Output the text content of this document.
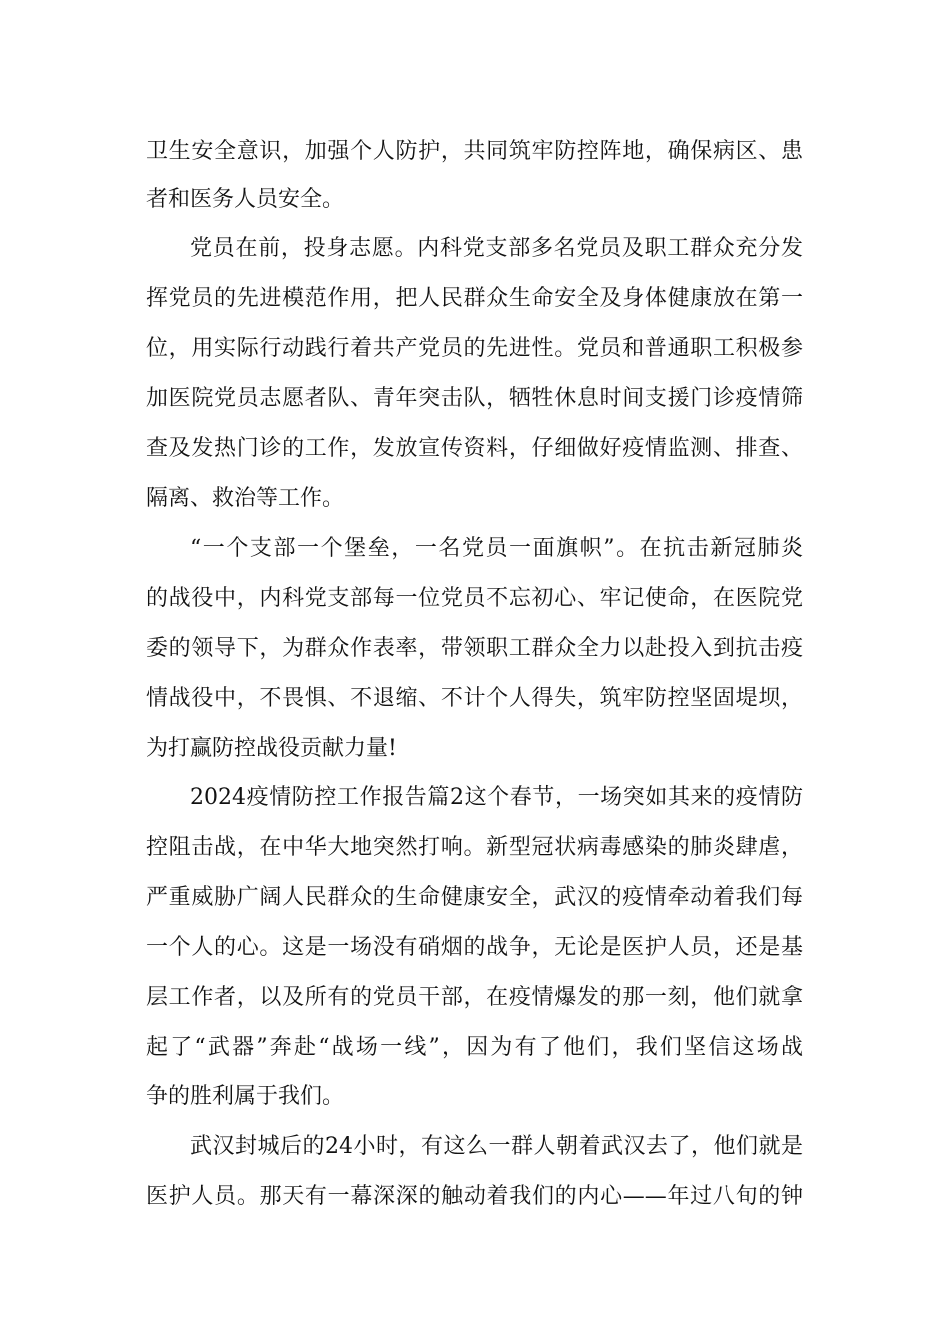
卫生安全意识，加强个人防护，共同筑牢防控阵地，确保病区、患
者和医务人员安全。
党员在前，投身志愿。内科党支部多名党员及职工群众充分发
挥党员的先进模范作用，把人民群众生命安全及身体健康放在第一
位，用实际行动践行着共产党员的先进性。党员和普通职工积极参
加医院党员志愿者队、青年突击队，牺牲休息时间支援门诊疫情筛
查及发热门诊的工作，发放宣传资料，仔细做好疫情监测、排查、
隔离、救治等工作。
“一个支部一个堡垒，一名党员一面旗帜”。在抗击新冠肺炎
的战役中，内科党支部每一位党员不忘初心、牢记使命，在医院党
委的领导下，为群众作表率，带领职工群众全力以赴投入到抗击疫
情战役中，不畏惧、不退缩、不计个人得失，筑牢防控坚固堤坝，
为打赢防控战役贡献力量!
2024疫情防控工作报告篇2这个春节，一场突如其来的疫情防
控阻击战，在中华大地突然打响。新型冠状病毒感染的肺炎肆虐，
严重威胁广阔人民群众的生命健康安全，武汉的疫情牵动着我们每
一个人的心。这是一场没有硝烟的战争，无论是医护人员，还是基
层工作者，以及所有的党员干部，在疫情爆发的那一刻，他们就拿
起了“武器”奔赴“战场一线”，因为有了他们，我们坚信这场战
争的胜利属于我们。
武汉封城后的24小时，有这么一群人朝着武汉去了，他们就是
医护人员。那天有一幕深深的触动着我们的内心——年过八旬的钟
